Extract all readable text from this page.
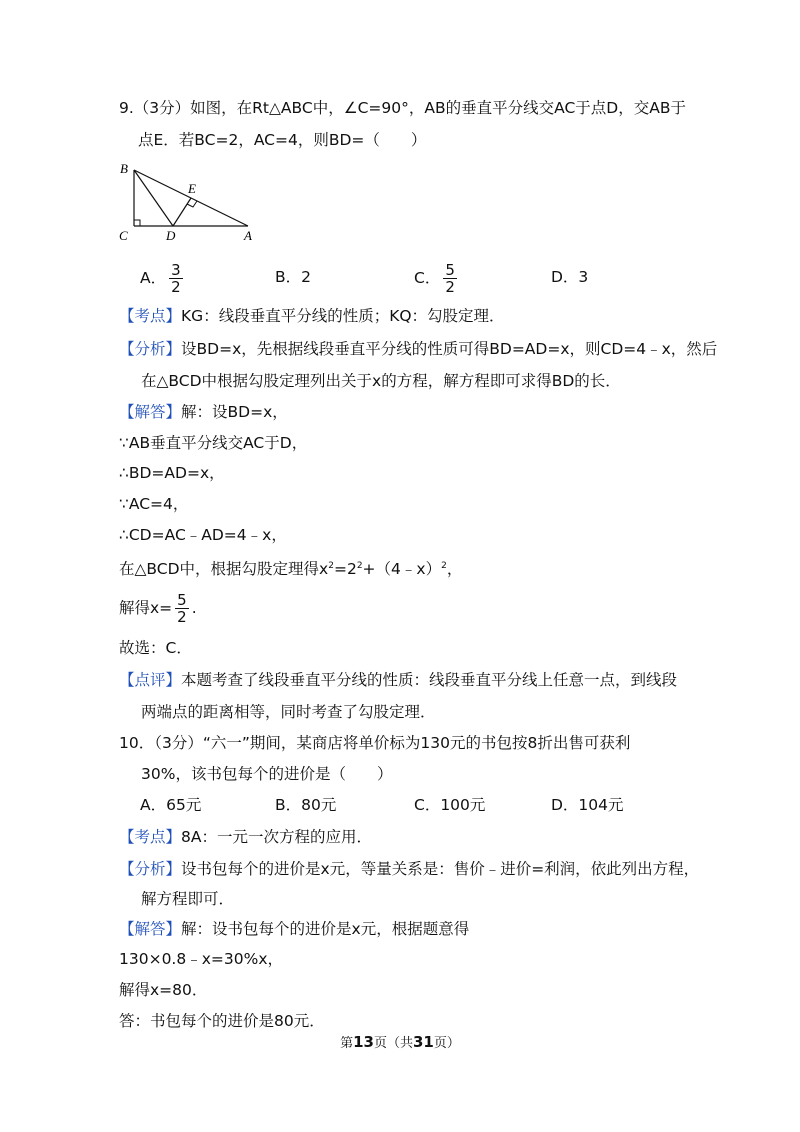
9.（3分）如图，在Rt△ABC中，∠C=90°，AB的垂直平分线交AC于点D，交AB于
点E．若BC=2，AC=4，则BD=（　　）
B
E
C	D	A
A． $\frac{3}{2}$	B．2	C． $\frac{5}{2}$	D．3
【考点】KG：线段垂直平分线的性质；KQ：勾股定理．
【分析】设BD=x，先根据线段垂直平分线的性质可得BD=AD=x，则CD=4﹣x，然后
在△BCD中根据勾股定理列出关于x的方程，解方程即可求得BD的长．
【解答】解：设BD=x，
∵AB垂直平分线交AC于D，
∴BD=AD=x，
∵AC=4，
∴CD=AC﹣AD=4﹣x，
在△BCD中，根据勾股定理得$x^2=2^2+(4﹣x)^2$，
解得$x= \frac{5}{2}$ .
故选：C．
【点评】本题考查了线段垂直平分线的性质：线段垂直平分线上任意一点，到线段
两端点的距离相等，同时考查了勾股定理．
10．（3分）“六一”期间，某商店将单价标为130元的书包按8折出售可获利
30%，该书包每个的进价是（　　）
A．65元	B．80元	C．100元	D．104元
【考点】8A：一元一次方程的应用．
【分析】设书包每个的进价是x元，等量关系是：售价﹣进价=利润，依此列出方程，
解方程即可．
【解答】解：设书包每个的进价是x元，根据题意得
130×0.8﹣x=30%x，
解得x=80．
答：书包每个的进价是80元．
第13页（共31页）
